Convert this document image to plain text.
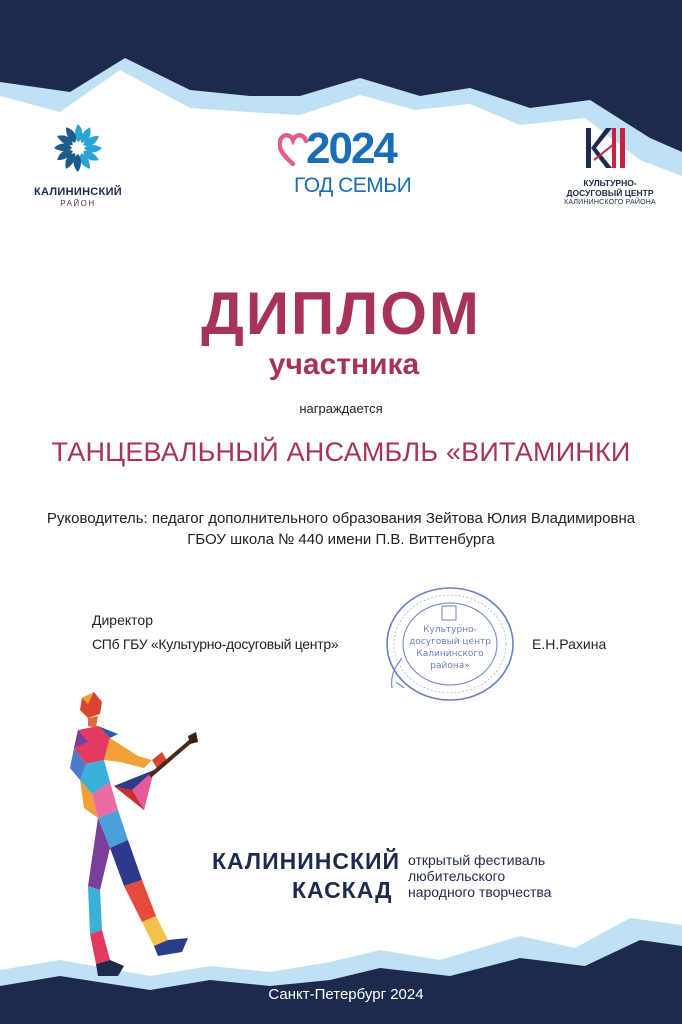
КАЛИНИНСКИЙ
РАЙОН
2024
ГОД СЕМЬИ	КУЛЬТУРНО-
ДОСУГОВЫЙ ЦЕНТР
КАЛИНИНСКОГО РАЙОНА
ДИПЛОМ
участника
награждается
ТАНЦЕВАЛЬНЫЙ АНСАМБЛЬ «ВИТАМИНКИ
Руководитель: педагог дополнительного образования Зейтова Юлия Владимировна
ГБОУ школа № 440 имени П.В. Виттенбурга
Директор
СПб ГБУ «Культурно-досуговый центр»	Е.Н.Рахина
Культурно-
досуговый центр
Калининского
района»
КАЛИНИНСКИЙ
КАСКАД
открытый фестиваль
любительского
народного творчества
Санкт-Петербург 2024
